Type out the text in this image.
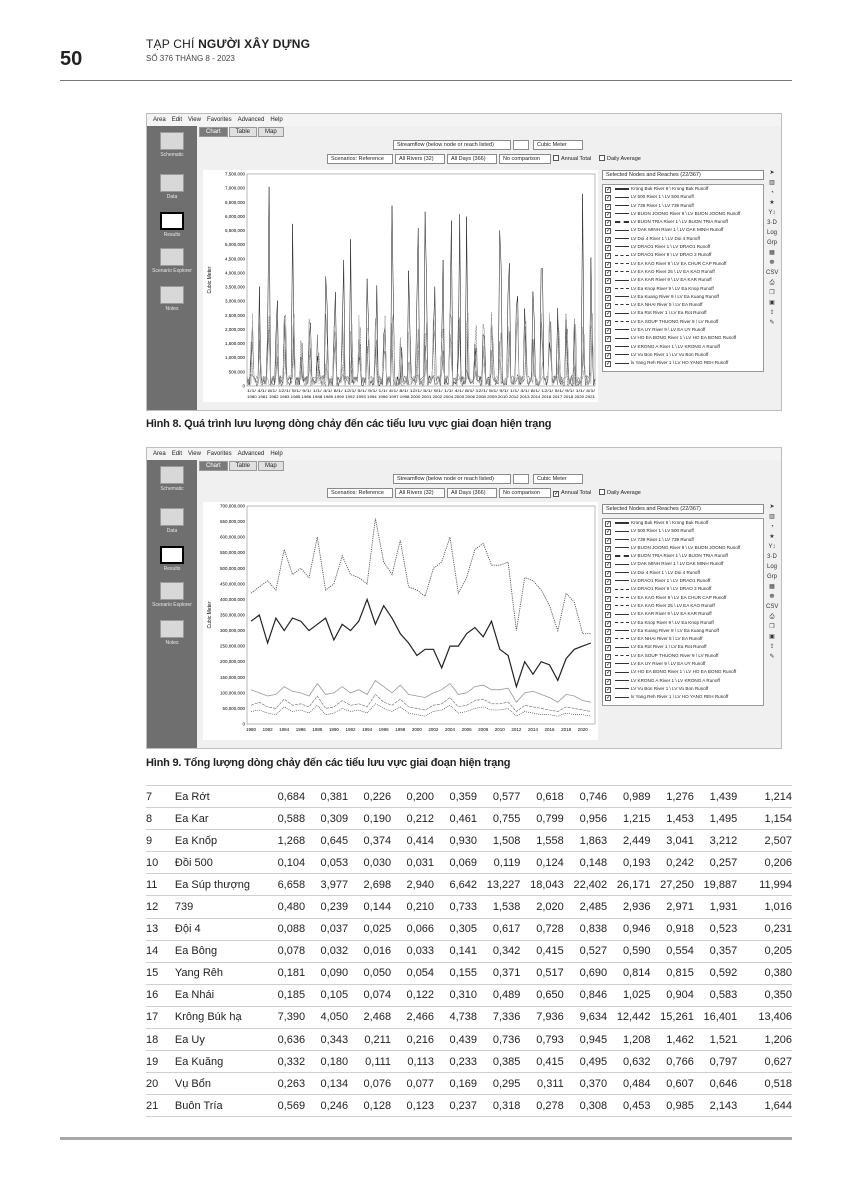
50
TẠP CHÍ NGƯỜI XÂY DỰNG
SỐ 376 THÁNG 8 - 2023
Area Edit View Favorites Advanced Help
Schematic
Data
Results
Scenario Explorer
Notes
Chart	Table	Map
Streamflow (below node or reach listed)	Cubic Meter
Scenarios: Reference	All Rivers (32)	All Days (366)	No comparison	Annual Total	Daily Average
7,500,000
7,000,000
6,500,000
6,000,000
5,500,000
5,000,000
4,500,000
4,000,000
3,500,000
3,000,000
2,500,000
2,000,000
1,500,000
1,000,000
500,000
0
Cubic Meter
1/1/ 4/1/ 8/1/ 12/1/ 5/1/ 9/1/ 1/1/ 4/1/ 8/1/ 12/1/ 5/1/ 9/1/ 1/1/ 4/1/ 8/1/ 12/1/ 5/1/ 9/1/ 1/1/ 4/1/ 8/1/ 12/1/ 5/1/ 9/1/ 1/1/ 4/1/ 8/1/ 12/1/ 5/1/ 9/1/ 1/1/ 4/1/
1980 1981 1982 1983 1985 1986 1988 1989 1990 1992 1993 1994 1996 1997 1998 2000 2001 2002 2004 2005 2006 2008 2009 2010 2012 2013 2014 2016 2017 2018 2020 2021
Selected Nodes and Reaches (22/367)
✓Krong Buk River 9 \ Krong Buk Runoff
✓LV 500 River 1 \ LV 500 Runoff
✓LV 739 River 1 \ LV 739 Runoff
✓LV BUON JOONG River 9 \ LV BUON JOONG Runoff
✓LV BUON TRIA River 1 \ LV BUON TRIA Runoff
✓LV DAK MINH River 1 \ LV DAK MINH Runoff
✓LV Doi 4 River 1 \ LV Doi 4 Runoff
✓LV DRAO1 River 1 \ LV DRAO1 Runoff
✓LV DRAO1 River 9 \ LV DRAO 2 Runoff
✓LV EA KAO River 9 \ LV EA CHUR CAP Runoff
✓LV EA KAO River 25 \ LV EA KAO Runoff
✓LV EA KAR River 9 \ LV EA KAR Runoff
✓LV Ea Knop River 9 \ LV Ea Knop Runoff
✓LV Ea Kuang River 9 \ LV Ea Kuang Runoff
✓LV EA NHAI River 5 \ LV EA Runoff
✓LV Ea Rot River 1 \ LV Ea Rot Runoff
✓LV EA SOUP THUONG River 9 \ LV Runoff
✓LV EA UY River 9 \ LV EA UY Runoff
✓LV HO EA BONG River 1 \ LV HO EA BONG Runoff
✓LV KRONG A River 1 \ LV KRONG A Runoff
✓LV Vu Bon River 1 \ LV Vu Bon Runoff
✓lv Yang Reh River 1 \ LV HO YANG REH Runoff
➤
▥
◔
★
Y↕
3·D
Log
Grp
▦
☸
CSV
⎙
❐
▣
⇪
✎
Hình 8. Quá trình lưu lượng dòng chảy đến các tiểu lưu vực giai đoạn hiện trạng
Area Edit View Favorites Advanced Help
Schematic
Data
Results
Scenario Explorer
Notes
Chart	Table	Map
Streamflow (below node or reach listed)	Cubic Meter
Scenarios: Reference	All Rivers (32)	All Days (366)	No comparison ✓	Annual Total	Daily Average
700,000,000
650,000,000
600,000,000
550,000,000
500,000,000
450,000,000
400,000,000
350,000,000
300,000,000
250,000,000
200,000,000
150,000,000
100,000,000
50,000,000
0
Cubic Meter
1980 1982 1984 1986 1988 1990 1992 1994 1996 1998 2000 2002 2004 2006 2008 2010 2012 2014 2016 2018 2020
Selected Nodes and Reaches (22/367)
✓Krong Buk River 9 \ Krong Buk Runoff
✓LV 500 River 1 \ LV 500 Runoff
✓LV 739 River 1 \ LV 739 Runoff
✓LV BUON JOONG River 9 \ LV BUON JOONG Runoff
✓LV BUON TRIA River 1 \ LV BUON TRIA Runoff
✓LV DAK MINH River 1 \ LV DAK MINH Runoff
✓LV Doi 4 River 1 \ LV Doi 4 Runoff
✓LV DRAO1 River 1 \ LV DRAO1 Runoff
✓LV DRAO1 River 9 \ LV DRAO 2 Runoff
✓LV EA KAO River 9 \ LV EA CHUR CAP Runoff
✓LV EA KAO River 25 \ LV EA KAO Runoff
✓LV EA KAR River 9 \ LV EA KAR Runoff
✓LV Ea Knop River 9 \ LV Ea Knop Runoff
✓LV Ea Kuang River 9 \ LV Ea Kuang Runoff
✓LV EA NHAI River 5 \ LV EA Runoff
✓LV Ea Rot River 1 \ LV Ea Rot Runoff
✓LV EA SOUP THUONG River 9 \ LV Runoff
✓LV EA UY River 9 \ LV EA UY Runoff
✓LV HO EA BONG River 1 \ LV HO EA BONG Runoff
✓LV KRONG A River 1 \ LV KRONG A Runoff
✓LV Vu Bon River 1 \ LV Vu Bon Runoff
✓lv Yang Reh River 1 \ LV HO YANG REH Runoff
➤
▥
◔
★
Y↕
3·D
Log
Grp
▦
☸
CSV
⎙
❐
▣
⇪
✎
Hình 9. Tổng lượng dòng chảy đến các tiểu lưu vực giai đoạn hiện trạng
7	Ea Rớt	0,684	0,381	0,226	0,200	0,359	0,577	0,618	0,746	0,989	1,276	1,439	1,214
8	Ea Kar	0,588	0,309	0,190	0,212	0,461	0,755	0,799	0,956	1,215	1,453	1,495	1,154
9	Ea Knốp	1,268	0,645	0,374	0,414	0,930	1,508	1,558	1,863	2,449	3,041	3,212	2,507
10	Đồi 500	0,104	0,053	0,030	0,031	0,069	0,119	0,124	0,148	0,193	0,242	0,257	0,206
11	Ea Súp thượng	6,658	3,977	2,698	2,940	6,642	13,227	18,043	22,402	26,171	27,250	19,887	11,994
12	739	0,480	0,239	0,144	0,210	0,733	1,538	2,020	2,485	2,936	2,971	1,931	1,016
13	Đội 4	0,088	0,037	0,025	0,066	0,305	0,617	0,728	0,838	0,946	0,918	0,523	0,231
14	Ea Bông	0,078	0,032	0,016	0,033	0,141	0,342	0,415	0,527	0,590	0,554	0,357	0,205
15	Yang Rêh	0,181	0,090	0,050	0,054	0,155	0,371	0,517	0,690	0,814	0,815	0,592	0,380
16	Ea Nhái	0,185	0,105	0,074	0,122	0,310	0,489	0,650	0,846	1,025	0,904	0,583	0,350
17	Krông Búk hạ	7,390	4,050	2,468	2,466	4,738	7,336	7,936	9,634	12,442	15,261	16,401	13,406
18	Ea Uy	0,636	0,343	0,211	0,216	0,439	0,736	0,793	0,945	1,208	1,462	1,521	1,206
19	Ea Kuăng	0,332	0,180	0,111	0,113	0,233	0,385	0,415	0,495	0,632	0,766	0,797	0,627
20	Vụ Bổn	0,263	0,134	0,076	0,077	0,169	0,295	0,311	0,370	0,484	0,607	0,646	0,518
21	Buôn Tría	0,569	0,246	0,128	0,123	0,237	0,318	0,278	0,308	0,453	0,985	2,143	1,644
